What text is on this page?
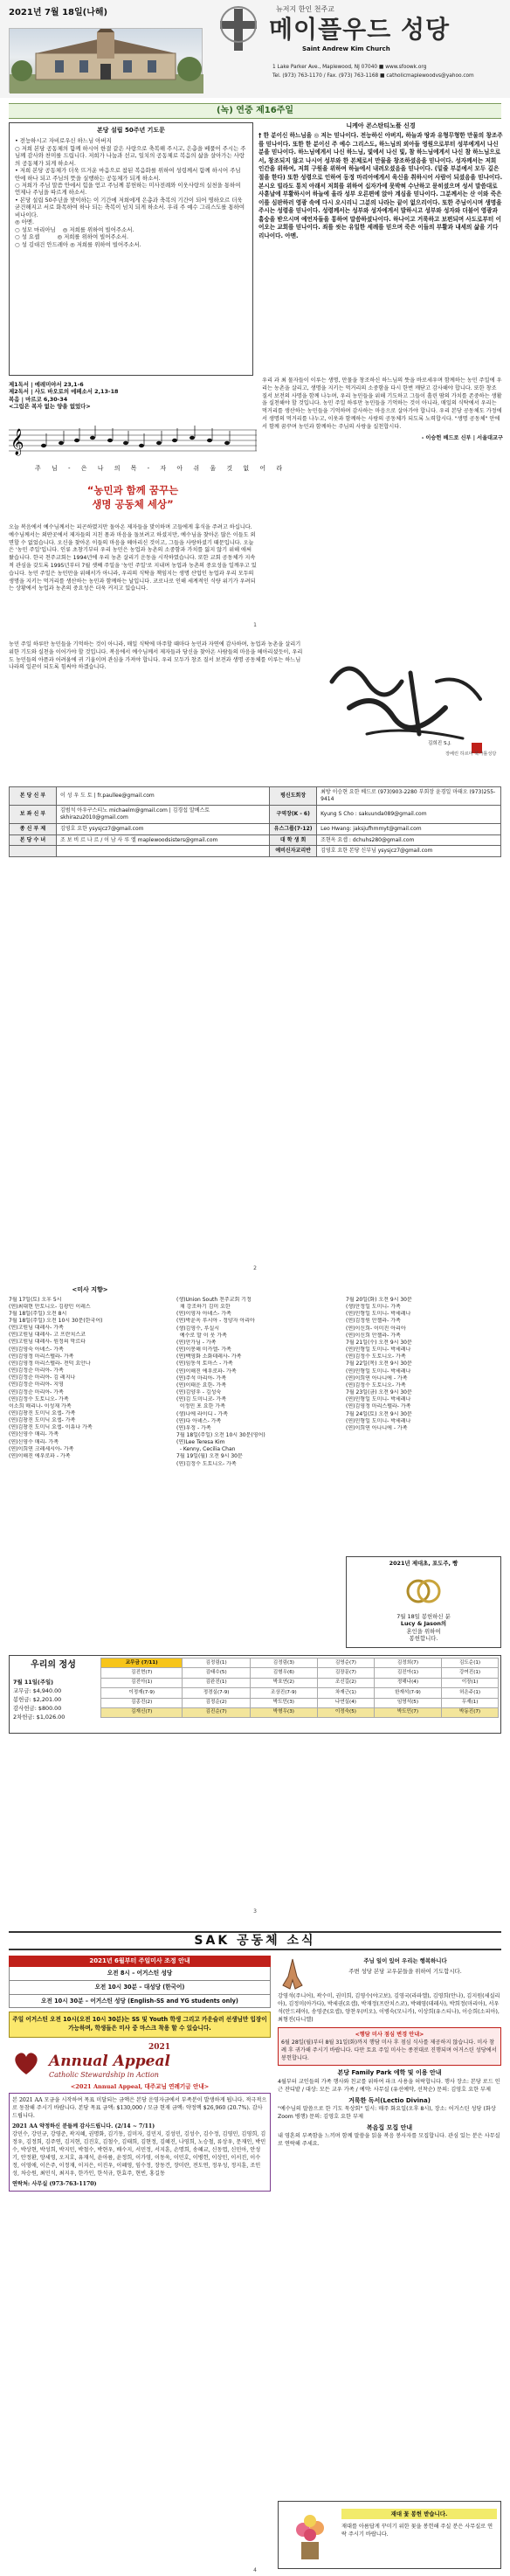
2021년 7월 18일(나해)	뉴저지 한인 천주교
메이플우드 성당
Saint Andrew Kim Church
1 Lake Parker Ave., Maplewood, NJ 07040 ■ www.sfoowk.org
Tel. (973) 763-1170 / Fax. (973) 763-1168 ■ catholicmaplewoodvs@yahoo.com
(녹) 연중 제16주일
본당 설립 50주년 기도문
• 전능하시고 자비로우신 하느님 아버지
○ 저희 본당 공동체의 함께 하시어 한결 같은 사랑으로 축복해 주시고, 은총을 베풀어 주시는 주님께 감사와 찬미를 드립니다. 저희가 나눔과 선교, 일치의 공동체로 복음의 삶을 살아가는 사랑의 공동체가 되게 하소서.
• 저희 본당 공동체가 더욱 뜨거운 마음으로 참된 복음화를 위하여 성령께서 함께 하시어 주님 안에 하나 되고 주님의 뜻을 실행하는 공동체가 되게 하소서.
○ 저희가 주님 말씀 안에서 힘을 얻고 주님께 봉헌하는 미사전례와 이웃사랑의 실천을 통하여 언제나 주님을 따르게 하소서.
• 본당 설립 50주년을 맞이하는 이 기간에 저희에게 은총과 축복의 기간이 되어 명하오르 더욱 굳건해지고 서로 화목하여 하나 되는 축복이 넘치 되게 하소서. 우리 주 예수 그리스도를 통하여 비나이다.
◎ 아멘.
○ 성모 마리아님    ◎ 저희를 위하여 빌어주소서.
○ 성 요셉          ◎ 저희를 위하여 빌어주소서.
○ 성 김대건 안드레아 ◎ 저희를 위하여 빌어주소서.
니케아 콘스탄티노플 신경
† 한 분이신 하느님을 ◎ 저는 믿나이다. 전능하신 아버지, 하늘과 땅과 유형무형한 만물의 창조주를 믿나이다. 또한 한 분이신 주 예수 그리스도, 하느님의 외아들 영원으로부터 성부에게서 나신 분을 믿나이다. 하느님에게서 나신 하느님, 빛에서 나신 빛, 참 하느님에게서 나신 참 하느님으로서, 창조되지 않고 나시어 성부와 한 본체로서 만물을 창조하셨음을 믿나이다. 성자께서는 저희 인간을 위하여, 저희 구원을 위하여 하늘에서 내려오셨음을 믿나이다. (밑줄 부분에서 모두 깊은 절을 한다) 또한 성령으로 인하여 동정 마리아에게서 육신을 취하시어 사람이 되셨음을 믿나이다. 본시오 빌라도 통치 아래서 저희를 위하여 십자가에 못박혀 수난하고 묻히셨으며 성서 말씀대로 사흗날에 부활하시어 하늘에 올라 성부 오른편에 앉아 계심을 믿나이다. 그분께서는 산 이와 죽은 이를 심판하러 영광 속에 다시 오시리니 그분의 나라는 끝이 없으리이다. 또한 주님이시며 생명을 주시는 성령을 믿나이다. 성령께서는 성부와 성자에게서 발하시고 성부와 성자와 더불어 영광과 흠숭을 받으시며 예언자들을 통하여 말씀하셨나이다. 하나이고 거룩하고 보편되며 사도로부터 이어오는 교회를 믿나이다. 죄를 씻는 유일한 세례를 믿으며 죽은 이들의 부활과 내세의 삶을 기다리나이다. 아멘.
제1독서 | 예레미야서 23,1-6
제2독서 | 사도 바오로의 에페소서 2,13-18
복음 | 마르코 6,30-34
<그림은 복자 없는 양을 없었다>
𝄞
주 님 - 은 나 의 목 - 자 아 쉬 울 것 없 어 라
“농민과 함께 꿈꾸는
생명 공동체 세상”
오늘 복음에서 예수님께서는 피곤하였지만 돌아온 제자들을 맞이하며 고들에게 휴식을 주려고 하십니다. 예수님께서는 외딴곳에서 제자들의 지친 몸과 마음을 돌보려고 하셨지만, 예수님을 찾아온 많은 이들도 외면할 수 없었습니다. 오신을 찾아온 이들의 마음을 헤아리신 것이고, 그들을 사랑하셨기 때문입니다. 오늘은 '농민 주일'입니다. 인류 초창기부터 우리 농민은 농업과 농촌의 소중함과 가치를 잃지 않기 위해 애써 왔습니다. 한국 천주교회는 1994년에 우리 농촌 살리기 운동을 시작하였습니다. 또한 교회 공동체가 지속적 관심을 갖도록 1995년부터 7월 셋째 주일을 '농민 주일'로 지내며 농업과 농촌의 중요성을 일깨우고 있습니다. 농민 주일은 농민만을 위해서가 아니라, 우리의 식탁을 책임지는 생명 산업인 농업과 우리 모두의 생명을 지키는 먹거리를 생산하는 농민과 함께하는 날입니다. 코로나로 인해 세계적인 식량 위기가 우려되는 상황에서 농업과 농촌의 중요성은 더욱 커지고 있습니다.
우리 과 최 물자들이 이루는 생명, 만물을 창조하신 하느님의 뜻을 바로세우며 함께하는 농민 주일에 우리는 농촌을 살리고, 생명을 지키는 먹거리의 소중함을 다시 한번 깨닫고 감사해야 합니다. 또한 창조 질서 보전의 사명을 함께 나누며, 우리 농민들을 위해 기도하고 그들이 흘린 땀의 가치를 존중하는 생활을 실천해야 할 것입니다. 농민 주일 하루만 농민들을 기억하는 것이 아니라, 매일의 식탁에서 우리는 먹거리를 생산하는 농민들을 기억하며 감사하는 마음으로 살아가야 합니다. 우리 본당 공동체도 가정에서 생명의 먹거리를 나누고, 이웃과 함께하는 사랑의 공동체가 되도록 노력합시다. "생명 공동체" 안에서 함께 꿈꾸며 농민과 함께하는 주님의 사랑을 실천합시다.
- 이승헌 베드로 신부 | 서울대교구
1
농민 주일 하루만 농민들을 기억하는 것이 아니라, 매일 식탁에 마주할 때마다 농민과 자연에 감사하며, 농업과 농촌을 살리기 위한 기도와 실천을 이어가야 할 것입니다. 복음에서 예수님께서 제자들과 당신을 찾아온 사람들의 마음을 헤아리셨듯이, 우리도 농민들의 아픔과 어려움에 귀 기울이며 관심을 가져야 합니다. 우리 모두가 창조 질서 보전과 생명 공동체를 이루는 하느님 나라의 일꾼이 되도록 힘써야 하겠습니다.
김희진 S.J.
장베린 하르마 북가톨성당
본 당 신 부	이 성 우 도 토 | fr.paullee@gmail.com	평신도회장	최방 이승현 요한 베드로 (973)903-2280 부회장 윤경일 마태오 (973)255-9414
보 좌 신 부	김범석 아우구스티노 michaelm@gmail.com | 김경섭 알베스토 skhirazu2010@gmail.com	구역장(K - 6)	Kyung S Cho : sakuunda089@gmail.com
종 신 부 제	김영호 요한 ysysjcz7@gmail.com	유스그룹(7-12)	Leo Hwang: jaksjufhmmyt@gmail.com
본 당 수 녀	조 보 비 르 나 르 / 이 남 사 루 엘 maplewoodsisters@gmail.com	대 학 생 회	조현옥 요셉 : dchuhs280@gmail.com
		예비신자교리반	김영호 요한 본당 신부님 ysysjcz7@gmail.com
2
<미사 지향>
7월 17일(토) 오후 5시
(연)최대현 만토니오- 김광민 이레스
7월 18일(주일) 오전 8시
7월 18일(주일) 오전 10시 30분(한국어)
(연)고원님 대레사- 가족
(연)고원님 대레사- 고 프란치스코
(연)고원님 대레사- 원정의 막르타
(연)김영숙 아녜스- 가족
(연)김영정 마리스텔라- 가족
(연)김영정 마리스텔라- 전덕 요안나
(연)김정순 마리아- 가족
(연)김정순 마리아- 김 레지나
(연)김정순 마리아- 지영
(연)김정순 마리아- 가족
(연)김정수 도토니오- 가족
이소희 매리나- 이성재 가족
(연)김창진 도미닉 요셉- 가족
(연)김창진 도미닉 요셉- 가족
(연)김창진 도미닉 요셉- 이유나 가족
(연)신영수 매리- 가족
(연)신영수 매리- 가족
(연)이희연 크레세시아- 가족
(연)이해진 에우로파 - 가족
(생)Union South 천주교회 기정
채 강조하기 김미 요한
(연)이영자 아녜스- 가족
(연)박윤옥 루시아 - 정양자 아리아
(생)김영수, 루실시
예수로 말 이 웃 가족
(연)안가님 - 가족
(연)이봉해 미카엘- 가족
(연)백영화 소화데레사- 가족
(연)임동석 토마스 - 가족
(연)이해진 에우로파- 가족
(연)주석 마리아- 가족
(연)이태운 요한- 가족
(연)김양우 - 김성숙
(연)김 도미니코- 가족
이정민 포 요한 가족
(생)나에 라이디 - 가족
(연)다 아녜스- 가족
(연)우정 - 가족
7월 18일(주일) 오전 10시 30분(영어)
(연)Lee Teresa Kim
- Kenny, Cecilia Chan
7월 19일(월) 오전 9시 30분
(연)김정수 도토니오- 가족
7월 20일(화) 오전 9시 30분
(생)안정일 도미니- 가족
(연)민형일 도미니- 박세레나
(연)김정원 안젤라- 가족
(연)이신희- 이미진 아리아
(연)이신희 안젤라- 가족
7월 21일(수) 오전 9시 30분
(연)민형일 도미니- 박세레나
(연)김정수 도토니오- 가족
7월 22일(목) 오전 9시 30분
(연)민형일 도미니- 박세레나
(연)이희연 아나니에 - 가족
(연)김정수 도토니오- 가족
7월 23일(금) 오전 9시 30분
(연)민형일 도미니- 박세레나
(연)김영정 마리스텔라- 가족
7월 24일(토) 오전 9시 30분
(연)민형일 도미니- 박세레나
(연)이희연 아나니에 - 가족
2021년 제대초, 포도주, 빵
7월 18일 봉헌하신 분
Lucy & Jason의
혼인을 위하여
봉헌합니다.
우리의 정성
7월 11일(주일)
교무금: $4,940.00
봉헌금: $2,201.00
감사헌금: $800.00
2차헌금: $1,026.00
교무금 (7/11)	김정림(1)	김정림(3)	김영순(7)	김정희(7)	김도순(1)
김진현(7)	김태수(5)	김형우(6)	김장문(7)	김진아(1)	강여진(1)
김진아(1)	김완진(1)	박호연(2)	조신길(2)	정해나(4)	이장(1)
이정재(7-9)	정경실(7-9)	조상진(7-9)	차재근(1)	한재석(7-9)	허은주(1)
김종진(2)	김정순(2)	박도민(3)	나연실(4)	임영석(5)	우재(1)
김재신(7)	김진순(7)	박형우(3)	이정숙(5)	박도민(7)	박동진(7)
3
SAK 공동체 소식
2021년 6월부터 주일미사 조정 안내
오전 8시 – 어거스틴 성당
오전 10시 30분 – 대성당 (한국어)
오전 10시 30분 – 어거스틴 성당 (English-SS and YG students only)
주일 어거스틴 오전 10시(오전 10시 30분)는 SS 및 Youth 학생 그리고 카운슬러 선생님만 입장이 가능하며, 학생들은 미사 중 마스크 착용 할 수 있습니다.
2021
Annual Appeal
Catholic Stewardship in Action
<2021 Annual Appeal, 대주교님 연례기금 안내>
본 2021 AA 모금을 시작하여 목표 미달되는 금액은 본당 운영자금에서 부족분이 발생하게 됩니다. 적극적으로 동참해 주시기 바랍니다. 본당 목표 금액: $130,000 / 모금 현재 금액: 약정액 $26,960 (20.7%). 감사드립니다.
2021 AA 약정하신 분들께 감사드립니다. (2/14 ~ 7/11)
강민수, 강민규, 강영준, 곽지혜, 권명화, 김기동, 김미자, 김민지, 김성민, 김성수, 김수정, 김영민, 김영희, 김정우, 김정희, 김주연, 김지현, 김진호, 김철수, 김태희, 김현정, 김혜진, 나영희, 노승철, 류상우, 문재인, 박민수, 박상현, 박성희, 박지민, 박철수, 박현우, 배수지, 서민정, 서지훈, 손명희, 송혜교, 신동엽, 신민아, 안성기, 안정환, 양세영, 오지호, 유재석, 윤아름, 윤정희, 이가영, 이동욱, 이민호, 이병헌, 이상민, 이서진, 이수정, 이영애, 이은주, 이정재, 이지은, 이진우, 이혜영, 임수정, 장동건, 장미란, 전도연, 정우성, 정지훈, 조인성, 차승원, 최민식, 최지우, 한가인, 한석규, 한효주, 현빈, 홍길동
연락처: 사무실 (973-763-1170)
주님 일이 있어 우리는 행복하니다
주변 성당 본당 교우분들을 위하여 기도합시다.
강영석(주니어), 곽수미, 권미희, 김영수(야고보), 김영국(라파엘), 김영희(안나), 김지원(세실리아), 김정미(아가다), 박세권(요셉), 박재정(프란치스코), 박혜영(데레사), 박희정(마리아), 서우석(안드레아), 송영준(요셉), 양찬우(비오), 이병숙(모니카), 이상희(유스티나), 이승희(소피아), 최형진(다니엘)
<행담 미사 점심 변경 안내>
6월 28일(월)부터 8월 31일(화)까지 행담 미사 후 점심 식사를 제공하지 않습니다. 미사 참례 후 귀가해 주시기 바랍니다. 다만 토요 주일 미사는 종전대로 진행되며 어거스틴 성당에서 봉헌합니다.
본당 Family Park 에학 및 이용 안내
4월부터 교인들의 가족 행사와 친교를 위하여 파크 사용을 허락합니다. 행사 장소: 본당 로드 인근 잔디밭 / 대상: 모든 교우 가족 / 예약: 사무실 (유선예약, 선착순) 문의: 김영호 요한 부제
거룩한 독서(Lectio Divina)
"예수님의 말씀으로 한 기도 묵상회" 일시: 매주 화요일(오후 8시), 장소: 어거스틴 성당 (화상 Zoom 병행) 문의: 김영호 요한 부제
복음집 모집 안내
내 영혼의 부족함을 느끼며 함께 말씀을 읽을 복음 봉사자를 모집합니다. 관심 있는 분은 사무실로 연락해 주세요.
재대 꽃 봉헌 받습니다.
재대를 아름답게 꾸미기 위한 꽃을 봉헌해 주실 분은 사무실로 연락 주시기 바랍니다.
4
